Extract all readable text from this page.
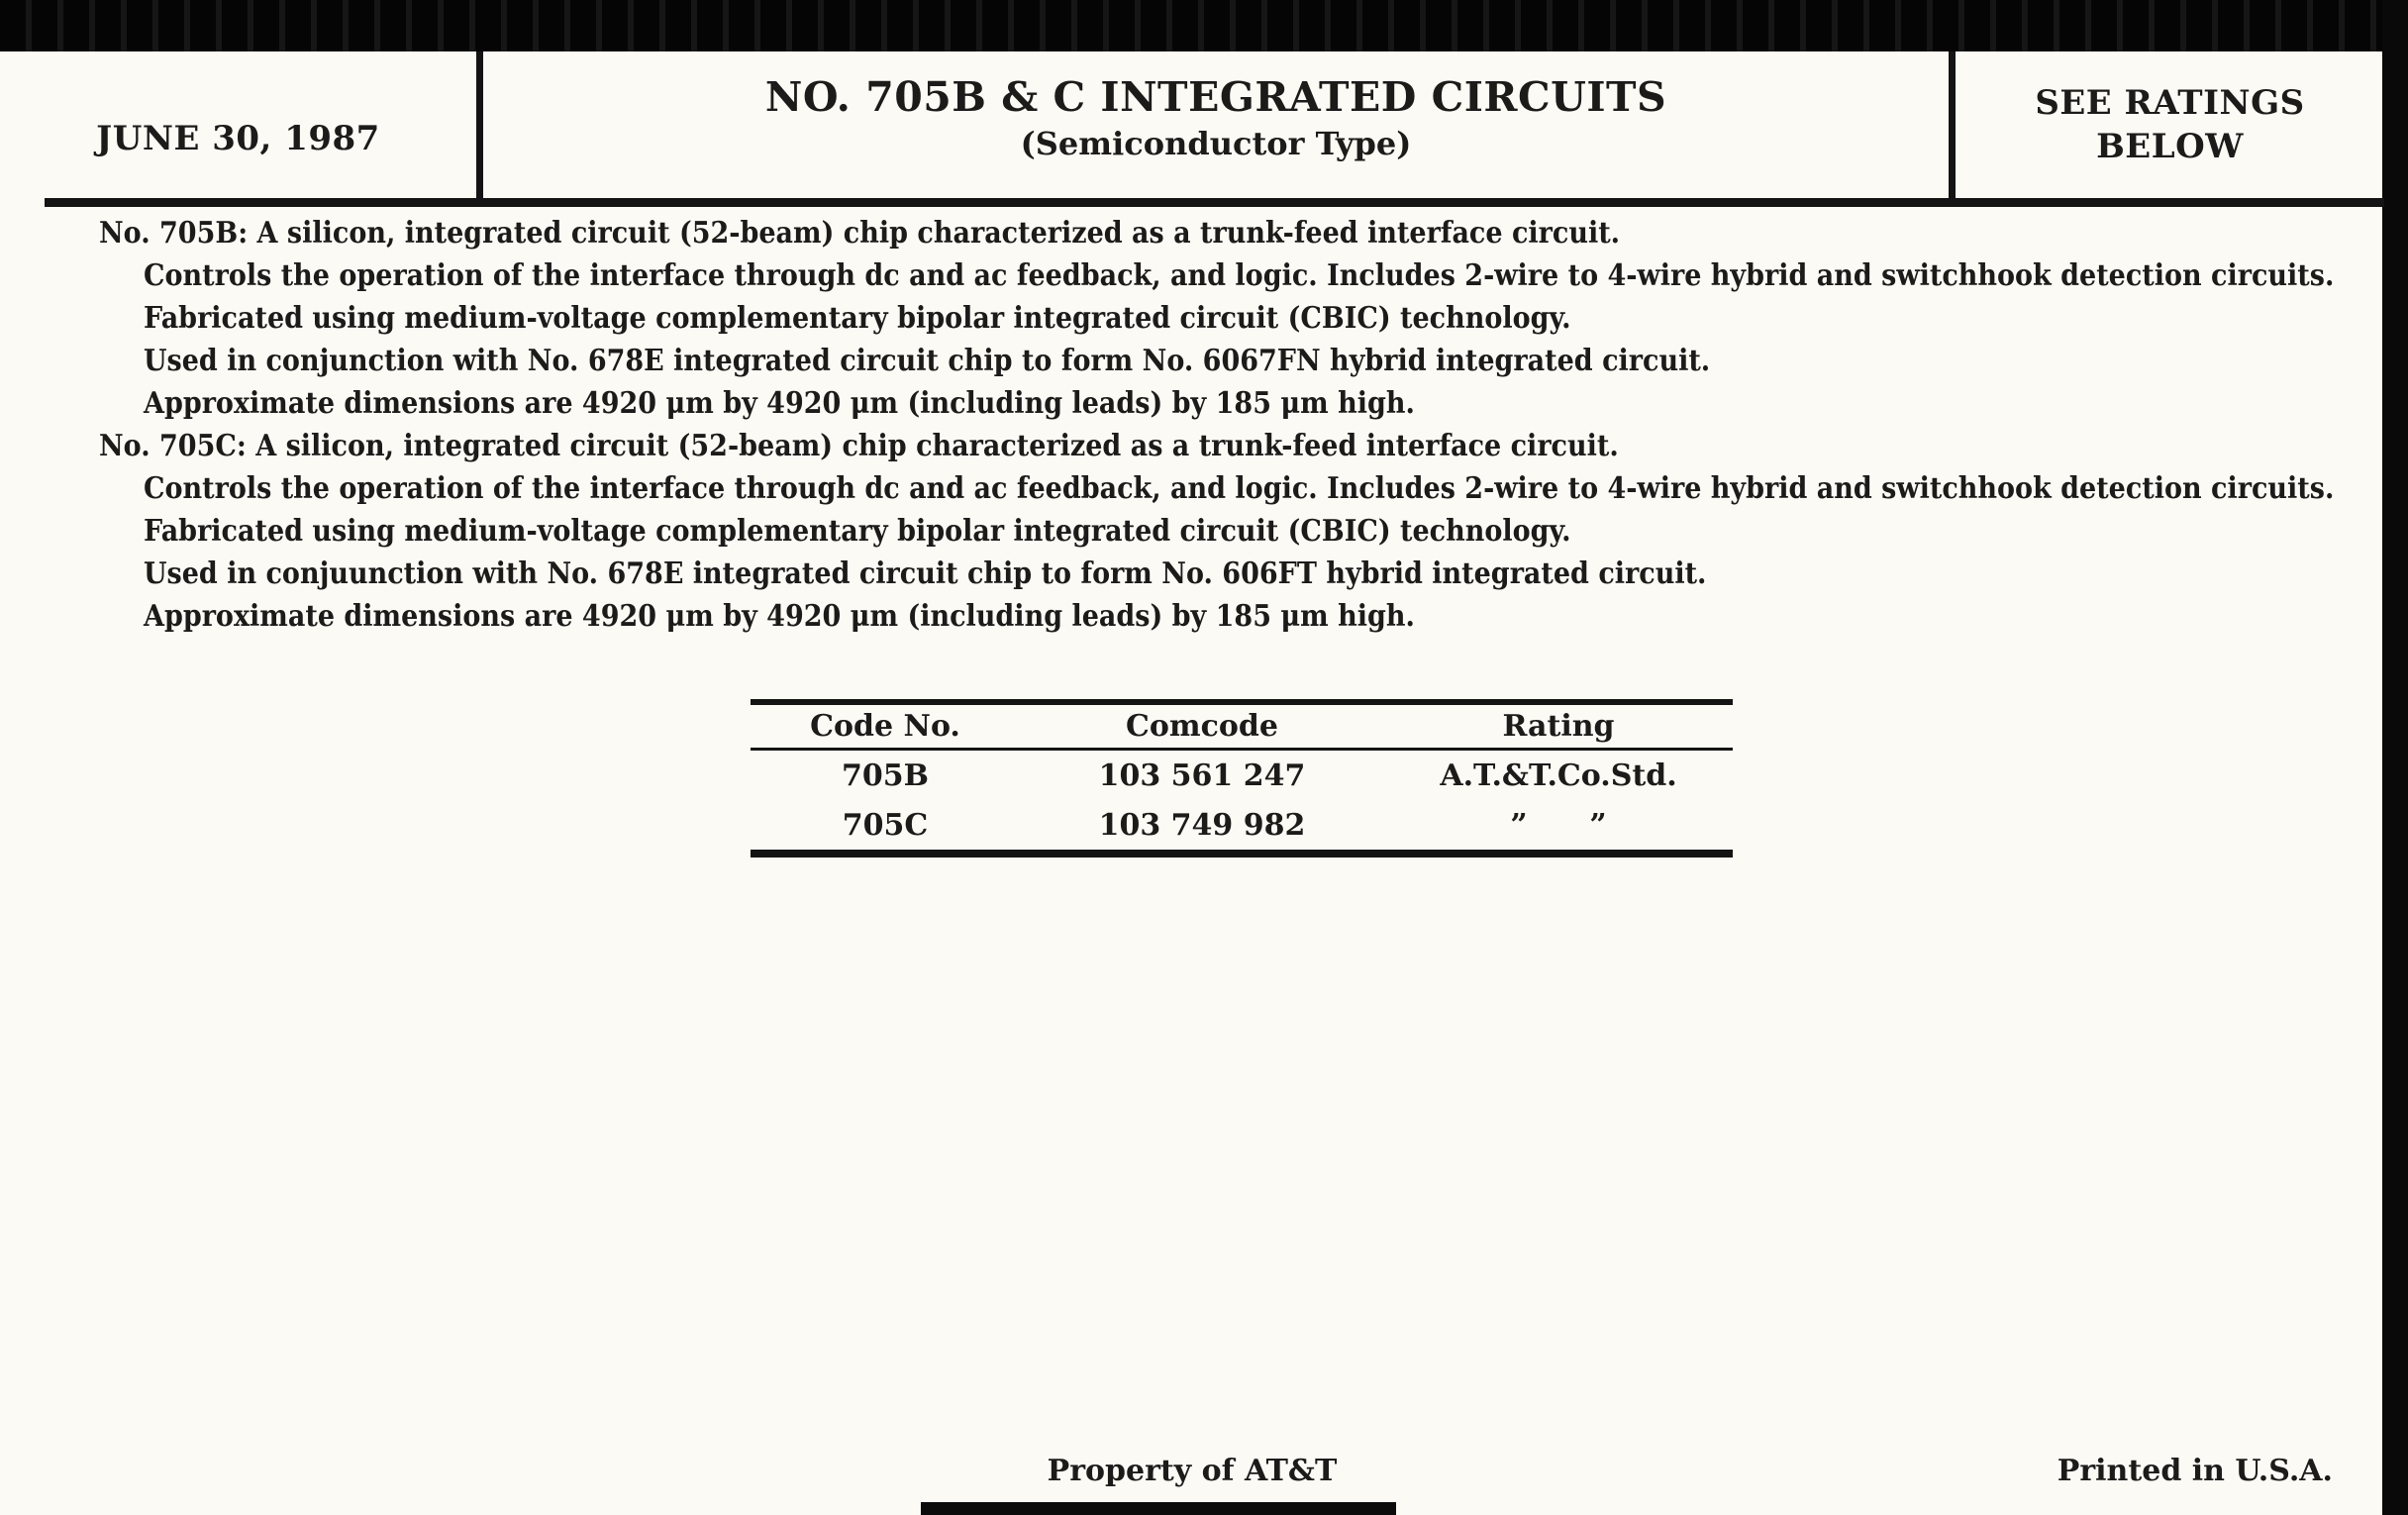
JUNE 30, 1987
NO. 705B & C INTEGRATED CIRCUITS
(Semiconductor Type)
SEE RATINGS
BELOW
No. 705B: A silicon, integrated circuit (52-beam) chip characterized as a trunk-feed interface circuit.
Controls the operation of the interface through dc and ac feedback, and logic. Includes 2-wire to 4-wire hybrid and switchhook detection circuits.
Fabricated using medium-voltage complementary bipolar integrated circuit (CBIC) technology.
Used in conjunction with No. 678E integrated circuit chip to form No. 6067FN hybrid integrated circuit.
Approximate dimensions are 4920 μm by 4920 μm (including leads) by 185 μm high.
No. 705C: A silicon, integrated circuit (52-beam) chip characterized as a trunk-feed interface circuit.
Controls the operation of the interface through dc and ac feedback, and logic. Includes 2-wire to 4-wire hybrid and switchhook detection circuits.
Fabricated using medium-voltage complementary bipolar integrated circuit (CBIC) technology.
Used in conjuunction with No. 678E integrated circuit chip to form No. 606FT hybrid integrated circuit.
Approximate dimensions are 4920 μm by 4920 μm (including leads) by 185 μm high.
Code No.	Comcode	Rating
705B	103 561 247	A.T.&T.Co.Std.
705C	103 749 982	”      ”
Property of AT&T	Printed in U.S.A.
